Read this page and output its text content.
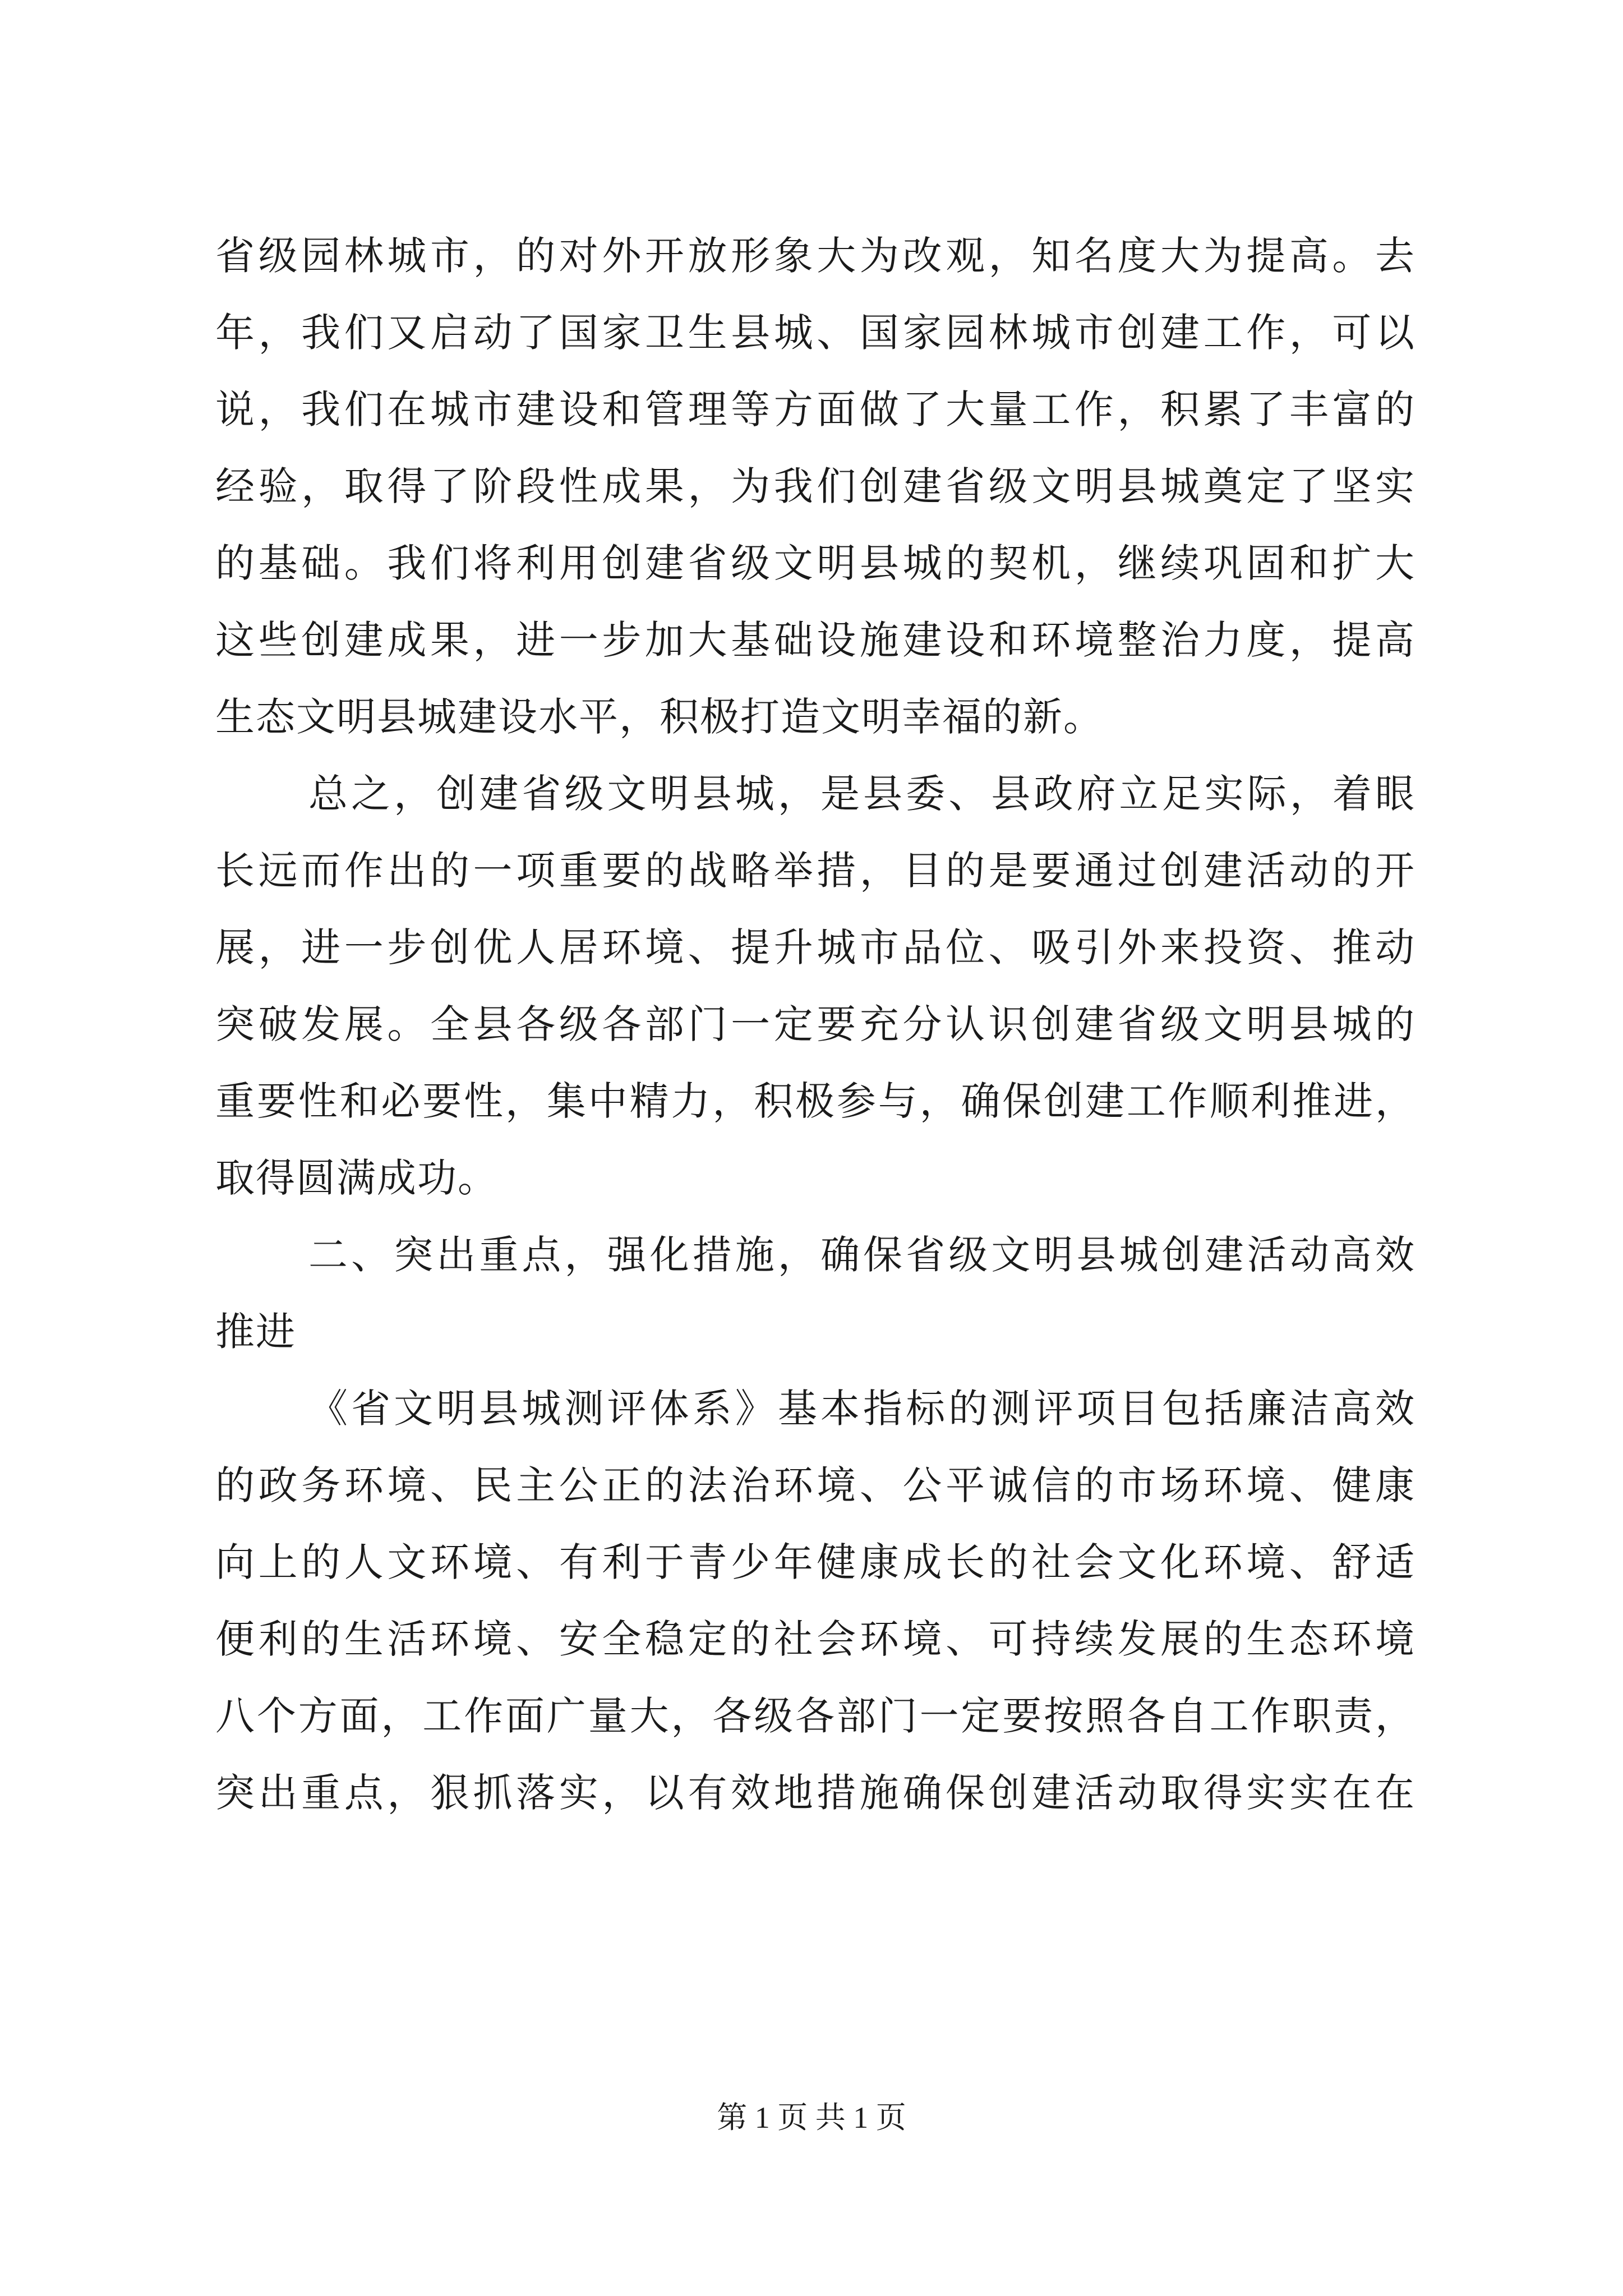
省级园林城市，的对外开放形象大为改观，知名度大为提高。去
年，我们又启动了国家卫生县城、国家园林城市创建工作，可以
说，我们在城市建设和管理等方面做了大量工作，积累了丰富的
经验，取得了阶段性成果，为我们创建省级文明县城奠定了坚实
的基础。我们将利用创建省级文明县城的契机，继续巩固和扩大
这些创建成果，进一步加大基础设施建设和环境整治力度，提高
生态文明县城建设水平，积极打造文明幸福的新。
总之，创建省级文明县城，是县委、县政府立足实际，着眼
长远而作出的一项重要的战略举措，目的是要通过创建活动的开
展，进一步创优人居环境、提升城市品位、吸引外来投资、推动
突破发展。全县各级各部门一定要充分认识创建省级文明县城的
重要性和必要性，集中精力，积极参与，确保创建工作顺利推进，
取得圆满成功。
二、突出重点，强化措施，确保省级文明县城创建活动高效
推进
《省文明县城测评体系》基本指标的测评项目包括廉洁高效
的政务环境、民主公正的法治环境、公平诚信的市场环境、健康
向上的人文环境、有利于青少年健康成长的社会文化环境、舒适
便利的生活环境、安全稳定的社会环境、可持续发展的生态环境
八个方面，工作面广量大，各级各部门一定要按照各自工作职责，
突出重点，狠抓落实，以有效地措施确保创建活动取得实实在在
第 1 页 共 1 页
